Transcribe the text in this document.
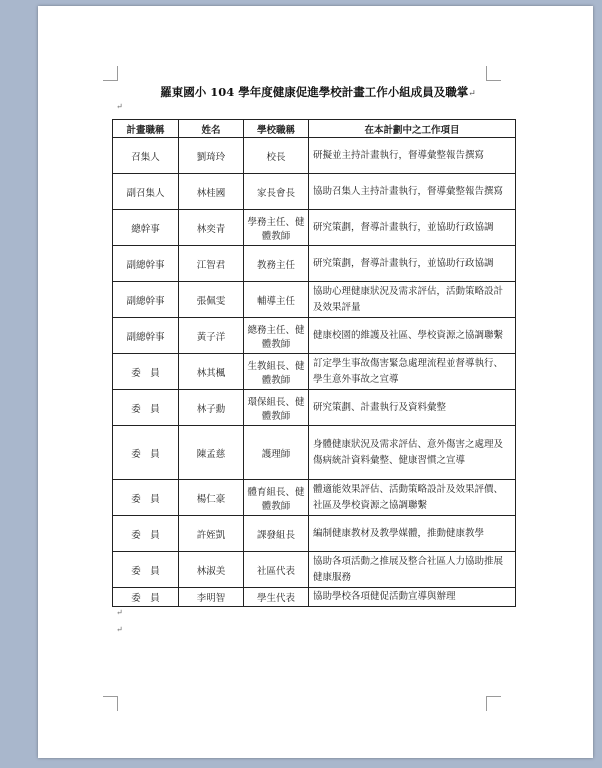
羅東國小 104 學年度健康促進學校計畫工作小組成員及職掌↵
↵
計畫職稱	姓名	學校職稱	在本計劃中之工作項目
召集人	劉琦玲	校長	研擬並主持計畫執行，督導彙整報告撰寫
副召集人	林桂國	家長會長	協助召集人主持計畫執行，督導彙整報告撰寫
總幹事	林奕青	學務主任、健體教師	研究策劃，督導計畫執行，並協助行政協調
副總幹事	江智君	教務主任	研究策劃，督導計畫執行，並協助行政協調
副總幹事	張佩雯	輔導主任	協助心理健康狀況及需求評估，活動策略設計及效果評量
副總幹事	黃子洋	總務主任、健體教師	健康校園的維護及社區、學校資源之協調聯繫
委　員	林其楓	生教組長、健體教師	訂定學生事故傷害緊急處理流程並督導執行、學生意外事故之宣導
委　員	林子勳	環保組長、健體教師	研究策劃、計畫執行及資料彙整
委　員	陳孟慈	護理師	身體健康狀況及需求評估、意外傷害之處理及傷病統計資料彙整、健康習慣之宣導
委　員	楊仁豪	體育組長、健體教師	體適能效果評估、活動策略設計及效果評價、社區及學校資源之協調聯繫
委　員	許姪凱	課發組長	編制健康教材及教學媒體，推動健康教學
委　員	林淑美	社區代表	協助各項活動之推展及整合社區人力協助推展健康服務
委　員	李明智	學生代表	協助學校各項健促活動宣導與辦理
↵
↵
